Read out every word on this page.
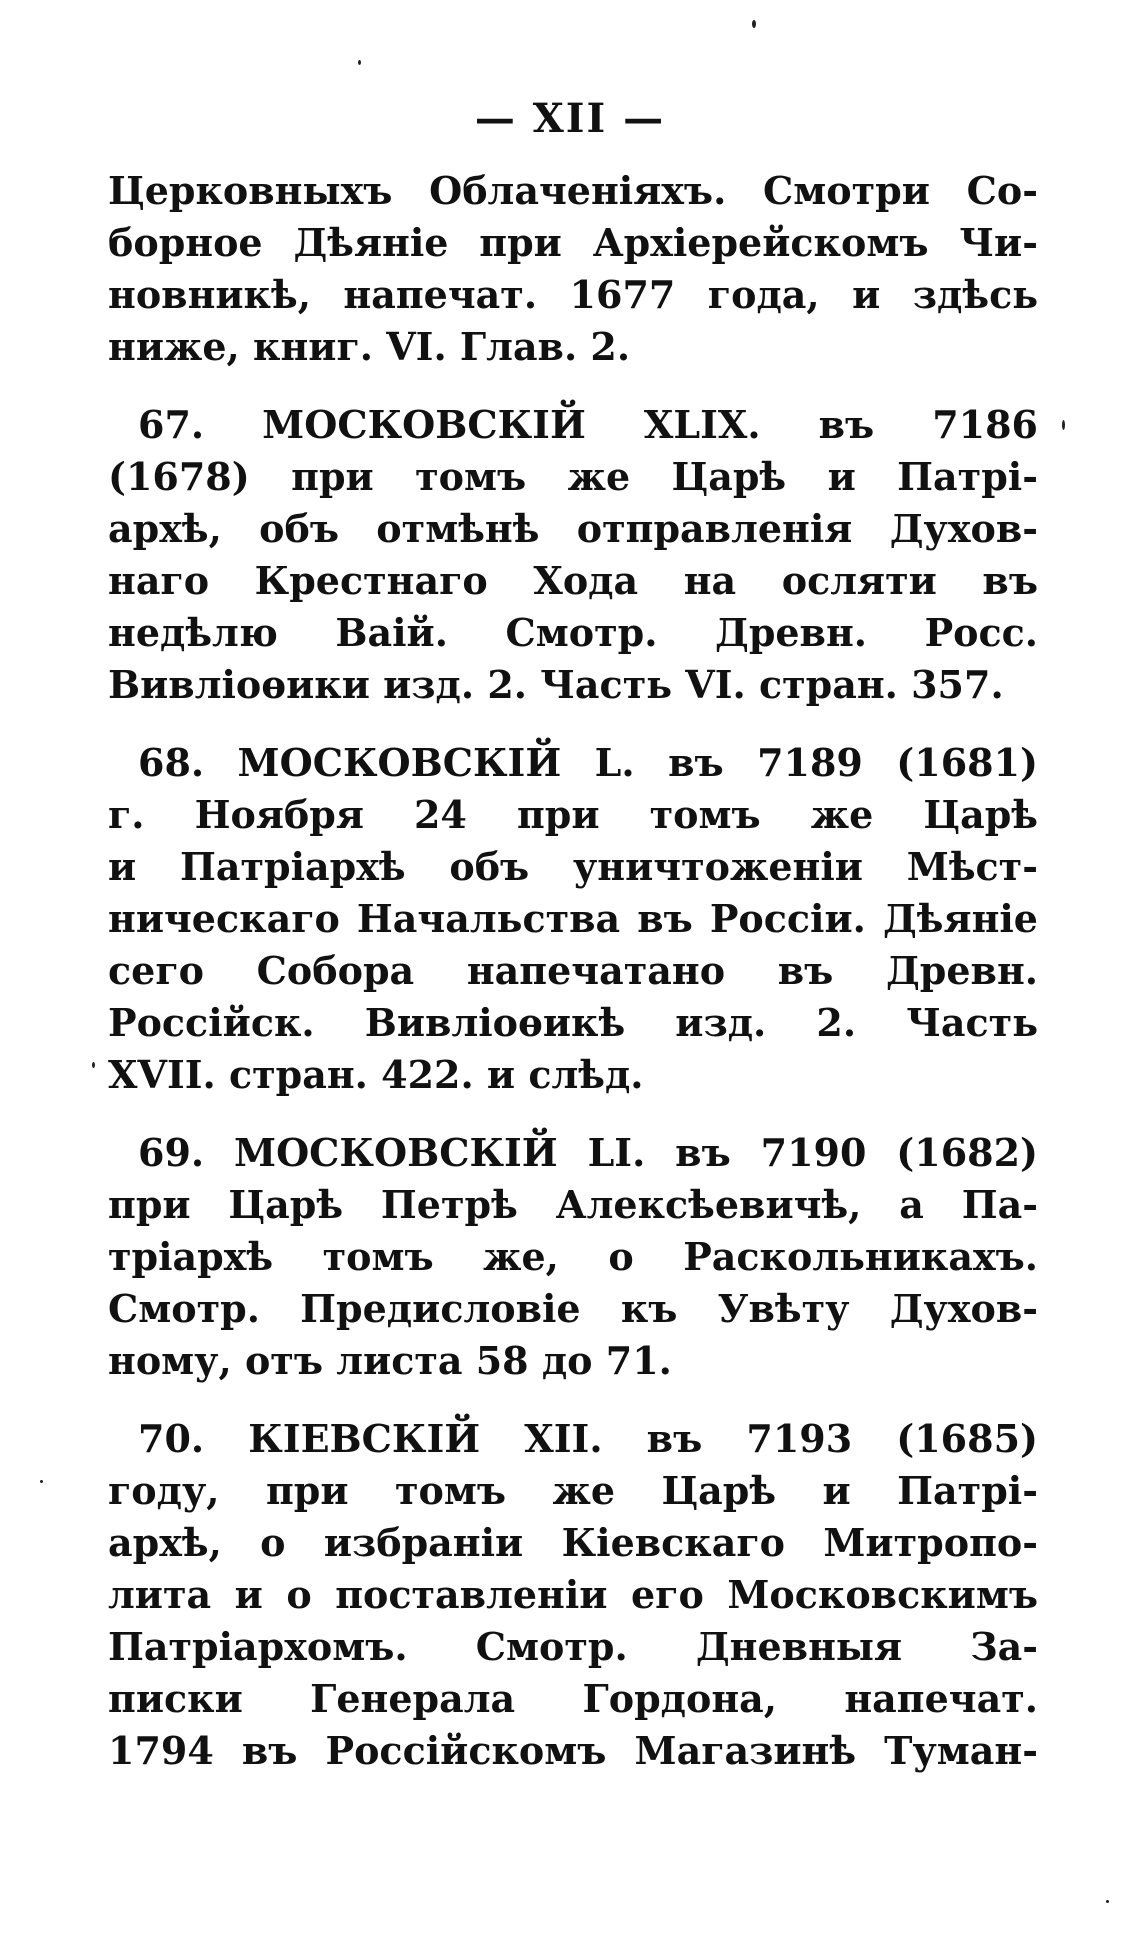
— XII —
Церковныхъ Облаченіяхъ. Смотри Со-
борное Дѣяніе при Архіерейскомъ Чи-
новникѣ, напечат. 1677 года, и здѣсь
ниже, книг. VI. Глав. 2.
67. МОСКОВСКІЙ XLIX. въ 7186
(1678) при томъ же Царѣ и Патрі-
архѣ, объ отмѣнѣ отправленія Духов-
наго Крестнаго Хода на осляти въ
недѣлю Ваій. Смотр. Древн. Росс.
Вивліоѳики изд. 2. Часть VI. стран. 357.
68. МОСКОВСКІЙ L. въ 7189 (1681)
г. Ноября 24 при томъ же Царѣ
и Патріархѣ объ уничтоженіи Мѣст-
ническаго Начальства въ Россіи. Дѣяніе
сего Собора напечатано въ Древн.
Россійск. Вивліоѳикѣ изд. 2. Часть
XVII. стран. 422. и слѣд.
69. МОСКОВСКІЙ LI. въ 7190 (1682)
при Царѣ Петрѣ Алексѣевичѣ, а Па-
тріархѣ томъ же, о Раскольникахъ.
Смотр. Предисловіе къ Увѣту Духов-
ному, отъ листа 58 до 71.
70. КІЕВСКІЙ XII. въ 7193 (1685)
году, при томъ же Царѣ и Патрі-
архѣ, о избраніи Кіевскаго Митропо-
лита и о поставленіи его Московскимъ
Патріархомъ. Смотр. Дневныя За-
писки Генерала Гордона, напечат.
1794 въ Россійскомъ Магазинѣ Туман-
